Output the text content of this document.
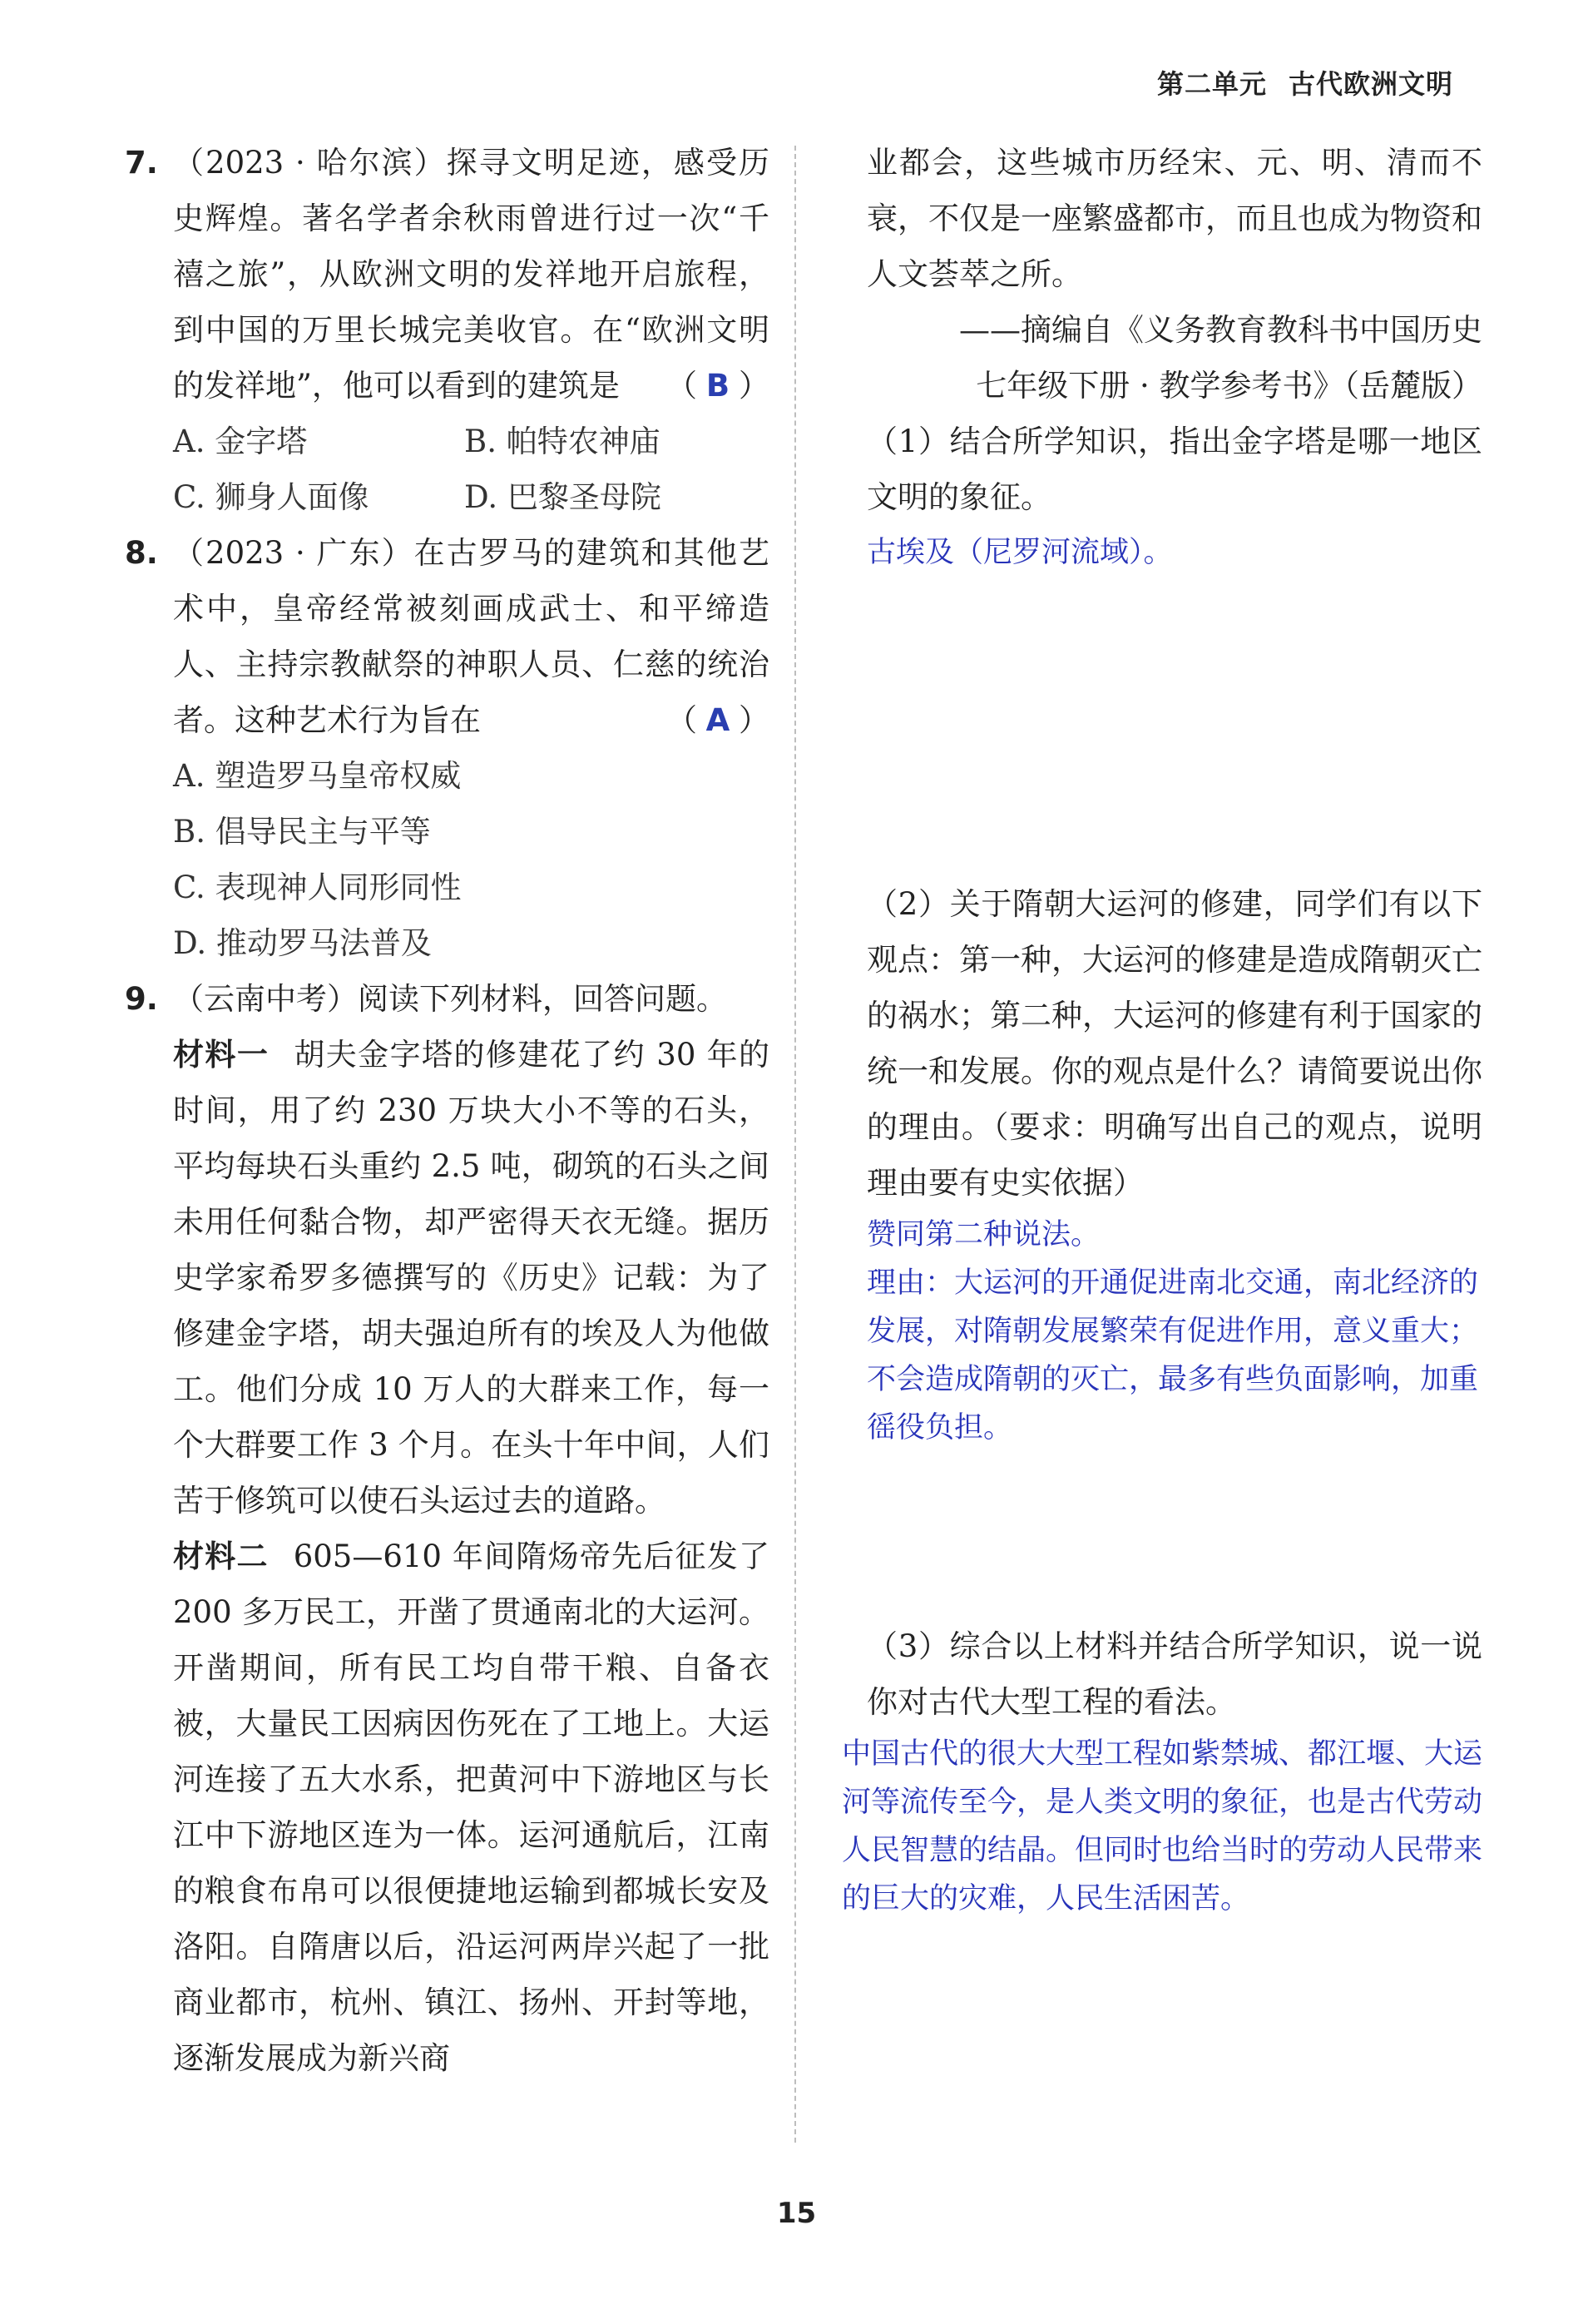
第二单元 古代欧洲文明
7. （2023 · 哈尔滨）探寻文明足迹，感受历史辉煌。著名学者余秋雨曾进行过一次“千禧之旅”，从欧洲文明的发祥地开启旅程，到中国的万里长城完美收官。在“欧洲文明的发祥地”，他可以看到的建筑是 （ B ）
A. 金字塔	B. 帕特农神庙
C. 狮身人面像	D. 巴黎圣母院
8. （2023 · 广东）在古罗马的建筑和其他艺术中，皇帝经常被刻画成武士、和平缔造人、主持宗教献祭的神职人员、仁慈的统治者。这种艺术行为旨在	（ A ）
A. 塑造罗马皇帝权威
B. 倡导民主与平等
C. 表现神人同形同性
D. 推动罗马法普及
9. （云南中考）阅读下列材料，回答问题。
材料一 胡夫金字塔的修建花了约 30 年的时间，用了约 230 万块大小不等的石头，平均每块石头重约 2.5 吨，砌筑的石头之间未用任何黏合物，却严密得天衣无缝。据历史学家希罗多德撰写的《历史》记载：为了修建金字塔，胡夫强迫所有的埃及人为他做工。他们分成 10 万人的大群来工作，每一个大群要工作 3 个月。在头十年中间，人们苦于修筑可以使石头运过去的道路。
材料二 605—610 年间隋炀帝先后征发了 200 多万民工，开凿了贯通南北的大运河。开凿期间，所有民工均自带干粮、自备衣被，大量民工因病因伤死在了工地上。大运河连接了五大水系，把黄河中下游地区与长江中下游地区连为一体。运河通航后，江南的粮食布帛可以很便捷地运输到都城长安及洛阳。自隋唐以后，沿运河两岸兴起了一批商业都市，杭州、镇江、扬州、开封等地，逐渐发展成为新兴商
业都会，这些城市历经宋、元、明、清而不衰，不仅是一座繁盛都市，而且也成为物资和人文荟萃之所。
——摘编自《义务教育教科书中国历史
七年级下册 · 教学参考书》（岳麓版）
（1）结合所学知识，指出金字塔是哪一地区文明的象征。
古埃及（尼罗河流域）。
（2）关于隋朝大运河的修建，同学们有以下观点：第一种，大运河的修建是造成隋朝灭亡的祸水；第二种，大运河的修建有利于国家的统一和发展。你的观点是什么？请简要说出你的理由。（要求：明确写出自己的观点，说明理由要有史实依据）
赞同第二种说法。
理由：大运河的开通促进南北交通，南北经济的发展，对隋朝发展繁荣有促进作用，意义重大；不会造成隋朝的灭亡，最多有些负面影响，加重徭役负担。
（3）综合以上材料并结合所学知识，说一说你对古代大型工程的看法。
中国古代的很大大型工程如紫禁城、都江堰、大运河等流传至今，是人类文明的象征，也是古代劳动人民智慧的结晶。但同时也给当时的劳动人民带来的巨大的灾难，人民生活困苦。
15
